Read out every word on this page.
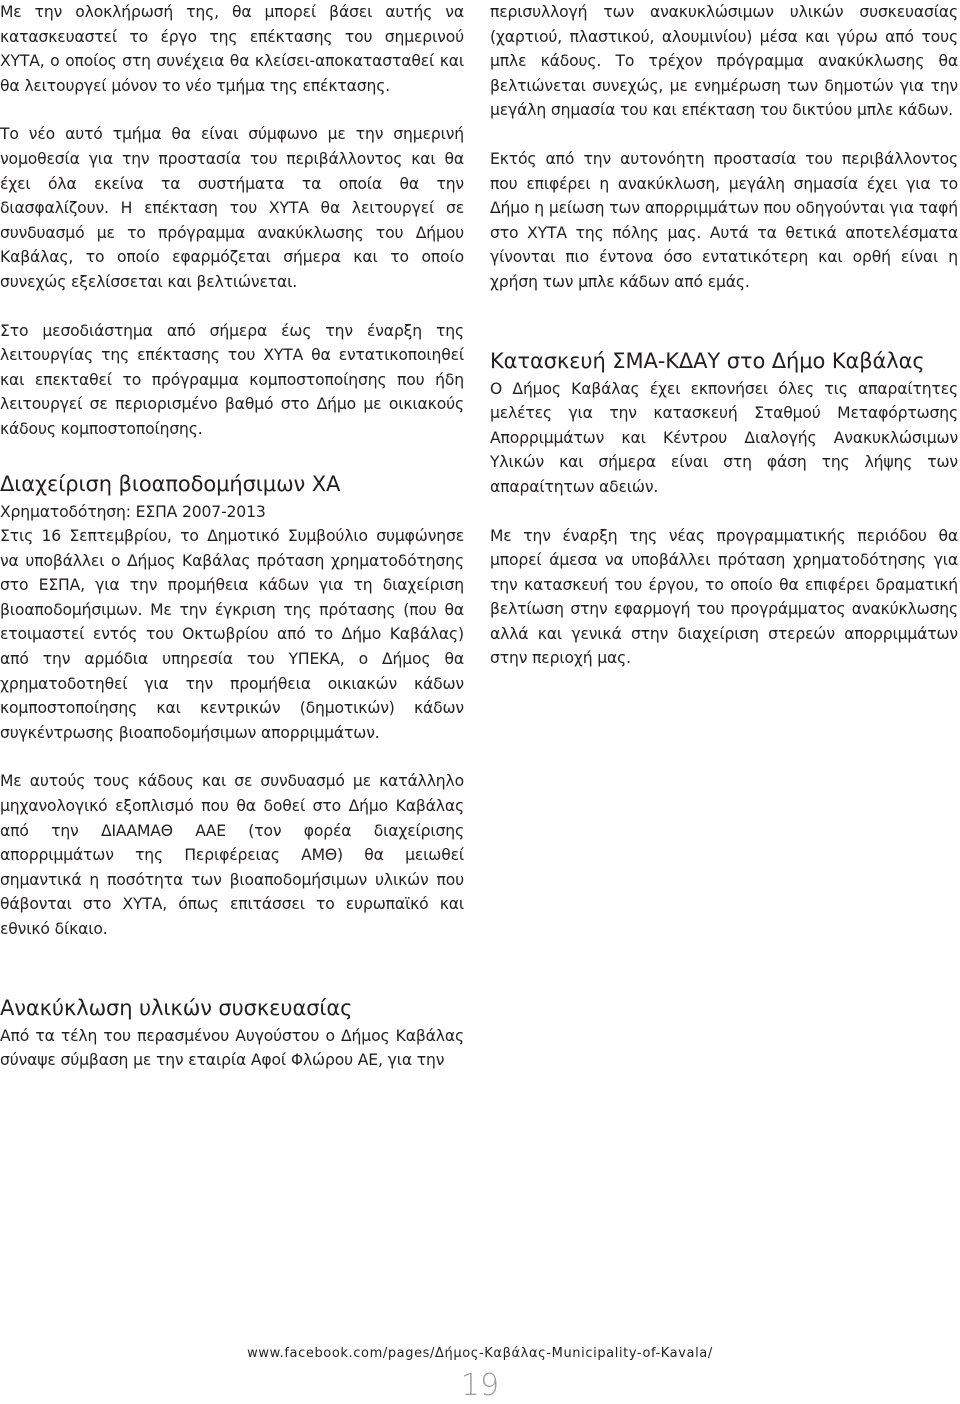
Με την ολοκλήρωσή της, θα μπορεί βάσει αυτής να κατασκευαστεί το έργο της επέκτασης του σημερινού ΧΥΤΑ, ο οποίος στη συνέχεια θα κλείσει-αποκατασταθεί και θα λειτουργεί μόνον το νέο τμήμα της επέκτασης.

Το νέο αυτό τμήμα θα είναι σύμφωνο με την σημερινή νομοθεσία για την προστασία του περιβάλλοντος και θα έχει όλα εκείνα τα συστήματα τα οποία θα την διασφαλίζουν. Η επέκταση του ΧΥΤΑ θα λειτουργεί σε συνδυασμό με το πρόγραμμα ανακύκλωσης του Δήμου Καβάλας, το οποίο εφαρμόζεται σήμερα και το οποίο συνεχώς εξελίσσεται και βελτιώνεται.

Στο μεσοδιάστημα από σήμερα έως την έναρξη της λειτουργίας της επέκτασης του ΧΥΤΑ θα εντατικοποιηθεί και επεκταθεί το πρόγραμμα κομποστοποίησης που ήδη λειτουργεί σε περιορισμένο βαθμό στο Δήμο με οικιακούς κάδους κομποστοποίησης.

Διαχείριση βιοαποδομήσιμων ΧΑ

Χρηματοδότηση: ΕΣΠΑ 2007-2013

Στις 16 Σεπτεμβρίου, το Δημοτικό Συμβούλιο συμφώνησε να υποβάλλει ο Δήμος Καβάλας πρόταση χρηματοδότησης στο ΕΣΠΑ, για την προμήθεια κάδων για τη διαχείριση βιοαποδομήσιμων. Με την έγκριση της πρότασης (που θα ετοιμαστεί εντός του Οκτωβρίου από το Δήμο Καβάλας) από την αρμόδια υπηρεσία του ΥΠΕΚΑ, ο Δήμος θα χρηματοδοτηθεί για την προμήθεια οικιακών κάδων κομποστοποίησης και κεντρικών (δημοτικών) κάδων συγκέντρωσης βιοαποδομήσιμων απορριμμάτων.

Με αυτούς τους κάδους και σε συνδυασμό με κατάλληλο μηχανολογικό εξοπλισμό που θα δοθεί στο Δήμο Καβάλας από την ΔΙΑΑΜΑΘ ΑΑΕ (τον φορέα διαχείρισης απορριμμάτων της Περιφέρειας ΑΜΘ) θα μειωθεί σημαντικά η ποσότητα των βιοαποδομήσιμων υλικών που θάβονται στο ΧΥΤΑ, όπως επιτάσσει το ευρωπαϊκό και εθνικό δίκαιο.

Ανακύκλωση υλικών συσκευασίας

Από τα τέλη του περασμένου Αυγούστου ο Δήμος Καβάλας σύναψε σύμβαση με την εταιρία Αφοί Φλώρου ΑΕ, για την

περισυλλογή των ανακυκλώσιμων υλικών συσκευασίας (χαρτιού, πλαστικού, αλουμινίου) μέσα και γύρω από τους μπλε κάδους. Το τρέχον πρόγραμμα ανακύκλωσης θα βελτιώνεται συνεχώς, με ενημέρωση των δημοτών για την μεγάλη σημασία του και επέκταση του δικτύου μπλε κάδων.

Εκτός από την αυτονόητη προστασία του περιβάλλοντος που επιφέρει η ανακύκλωση, μεγάλη σημασία έχει για το Δήμο η μείωση των απορριμμάτων που οδηγούνται για ταφή στο ΧΥΤΑ της πόλης μας. Αυτά τα θετικά αποτελέσματα γίνονται πιο έντονα όσο εντατικότερη και ορθή είναι η χρήση των μπλε κάδων από εμάς.

Κατασκευή ΣΜΑ-ΚΔΑΥ στο Δήμο Καβάλας

Ο Δήμος Καβάλας έχει εκπονήσει όλες τις απαραίτητες μελέτες για την κατασκευή Σταθμού Μεταφόρτωσης Απορριμμάτων και Κέντρου Διαλογής Ανακυκλώσιμων Υλικών και σήμερα είναι στη φάση της λήψης των απαραίτητων αδειών.

Με την έναρξη της νέας προγραμματικής περιόδου θα μπορεί άμεσα να υποβάλλει πρόταση χρηματοδότησης για την κατασκευή του έργου, το οποίο θα επιφέρει δραματική βελτίωση στην εφαρμογή του προγράμματος ανακύκλωσης αλλά και γενικά στην διαχείριση στερεών απορριμμάτων στην περιοχή μας.

www.facebook.com/pages/Δήμος-Καβάλας-Municipality-of-Kavala/
19
